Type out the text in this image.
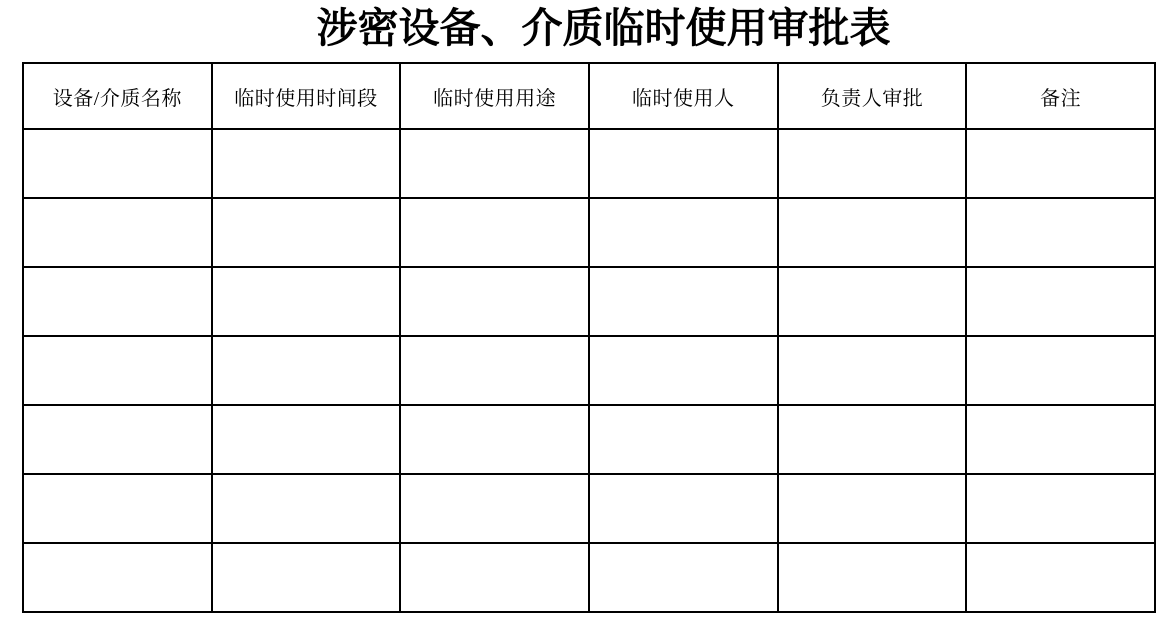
涉密设备、介质临时使用审批表
设备/介质名称	临时使用时间段	临时使用用途	临时使用人	负责人审批	备注
